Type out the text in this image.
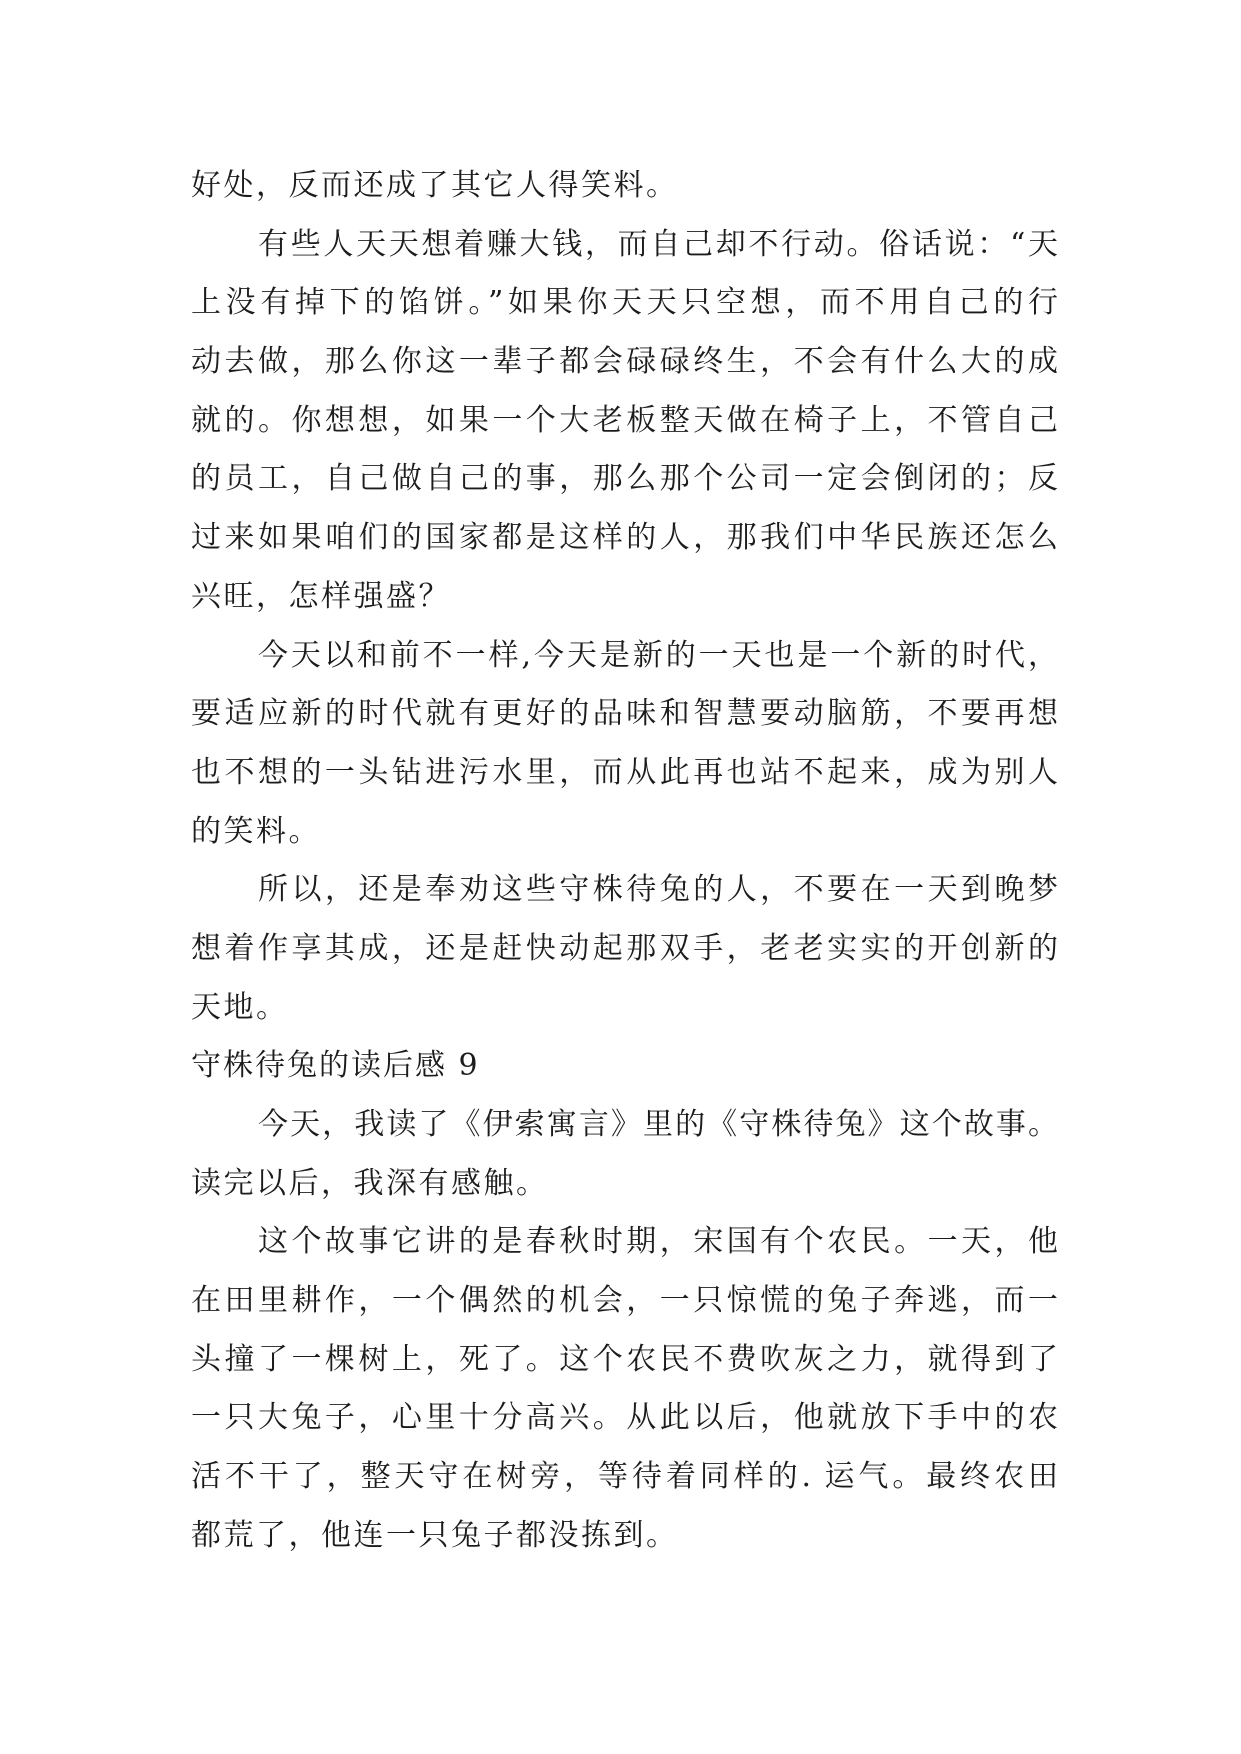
好处，反而还成了其它人得笑料。
有些人天天想着赚大钱，而自己却不行动。俗话说：“天
上没有掉下的馅饼。”如果你天天只空想，而不用自己的行
动去做，那么你这一辈子都会碌碌终生，不会有什么大的成
就的。你想想，如果一个大老板整天做在椅子上，不管自己
的员工，自己做自己的事，那么那个公司一定会倒闭的；反
过来如果咱们的国家都是这样的人，那我们中华民族还怎么
兴旺，怎样强盛？
今天以和前不一样,今天是新的一天也是一个新的时代，
要适应新的时代就有更好的品味和智慧要动脑筋，不要再想
也不想的一头钻进污水里，而从此再也站不起来，成为别人
的笑料。
所以，还是奉劝这些守株待兔的人，不要在一天到晚梦
想着作享其成，还是赶快动起那双手，老老实实的开创新的
天地。
守株待兔的读后感 9
今天，我读了《伊索寓言》里的《守株待兔》这个故事。
读完以后，我深有感触。
这个故事它讲的是春秋时期，宋国有个农民。一天，他
在田里耕作，一个偶然的机会，一只惊慌的兔子奔逃，而一
头撞了一棵树上，死了。这个农民不费吹灰之力，就得到了
一只大兔子，心里十分高兴。从此以后，他就放下手中的农
活不干了，整天守在树旁，等待着同样的. 运气。最终农田
都荒了，他连一只兔子都没拣到。
